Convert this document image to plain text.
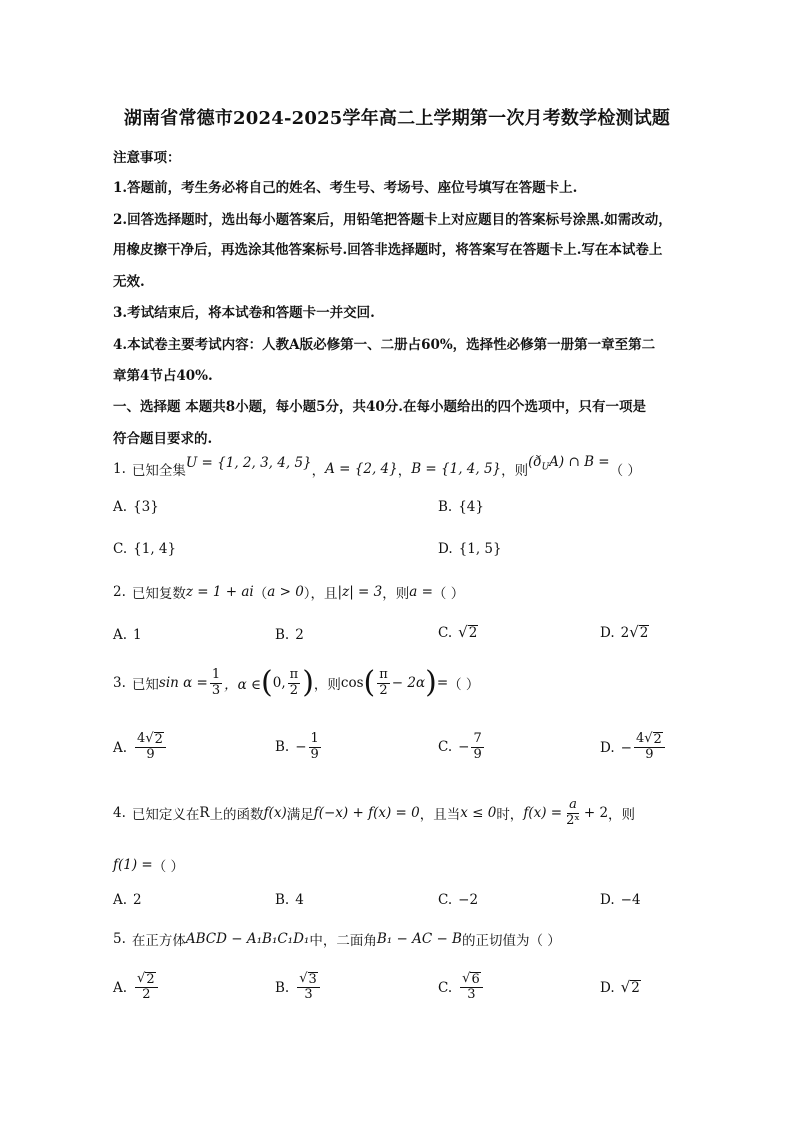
湖南省常德市2024-2025学年高二上学期第一次月考数学检测试题
注意事项：
1.答题前，考生务必将自己的姓名、考生号、考场号、座位号填写在答题卡上.
2.回答选择题时，选出每小题答案后，用铅笔把答题卡上对应题目的答案标号涂黑.如需改动，
用橡皮擦干净后，再选涂其他答案标号.回答非选择题时，将答案写在答题卡上.写在本试卷上
无效.
3.考试结束后，将本试卷和答题卡一并交回.
4.本试卷主要考试内容：人教A版必修第一、二册占60%，选择性必修第一册第一章至第二
章第4节占40%.
一、选择题 本题共8小题，每小题5分，共40分.在每小题给出的四个选项中，只有一项是
符合题目要求的.
1. 已知全集 U = {1, 2, 3, 4, 5} ， A = {2, 4} ， B = {1, 4, 5} ，则
$(ð_UA)$ ∩ B =
（ ）
A. {3}	B. {4}
C. {1, 4}	D. {1, 5}
2. 已知复数 z = 1 + ai （ a > 0 ），且 |z| = 3 ，则 a = （ ）
A. 1	B. 2	C. √ 2	D. 2 √ 2
3. 已知 $\sin \alpha = \frac{1}{3}$ ，α ∈ ( 0, $\frac{\pi}{2}$ ) ，则 cos ( $\frac{\pi}{2} - 2\alpha$ ) = （ ）
A. $\frac{4 √ 2}{9}$	B. − $\frac{1}{9}$	C. − $\frac{7}{9}$	D. − $\frac{4 √ 2}{9}$
4. 已知定义在 R 上的函数 f(x) 满足 f(−x) + f(x) = 0 ，且当 x ≤ 0 时， $f(x) = \frac{a}{\text{2ˣ}} + 2$ ，则
f(1) = （ ）
A. 2	B. 4	C. −2	D. −4
5. 在正方体 ABCD − A₁B₁C₁D₁ 中，二面角 B₁ − AC − B 的正切值为 （ ）
A. $\frac{√ 2}{2}$	B. $\frac{√ 3}{3}$	C. $\frac{√ 6}{3}$	D. √ 2
